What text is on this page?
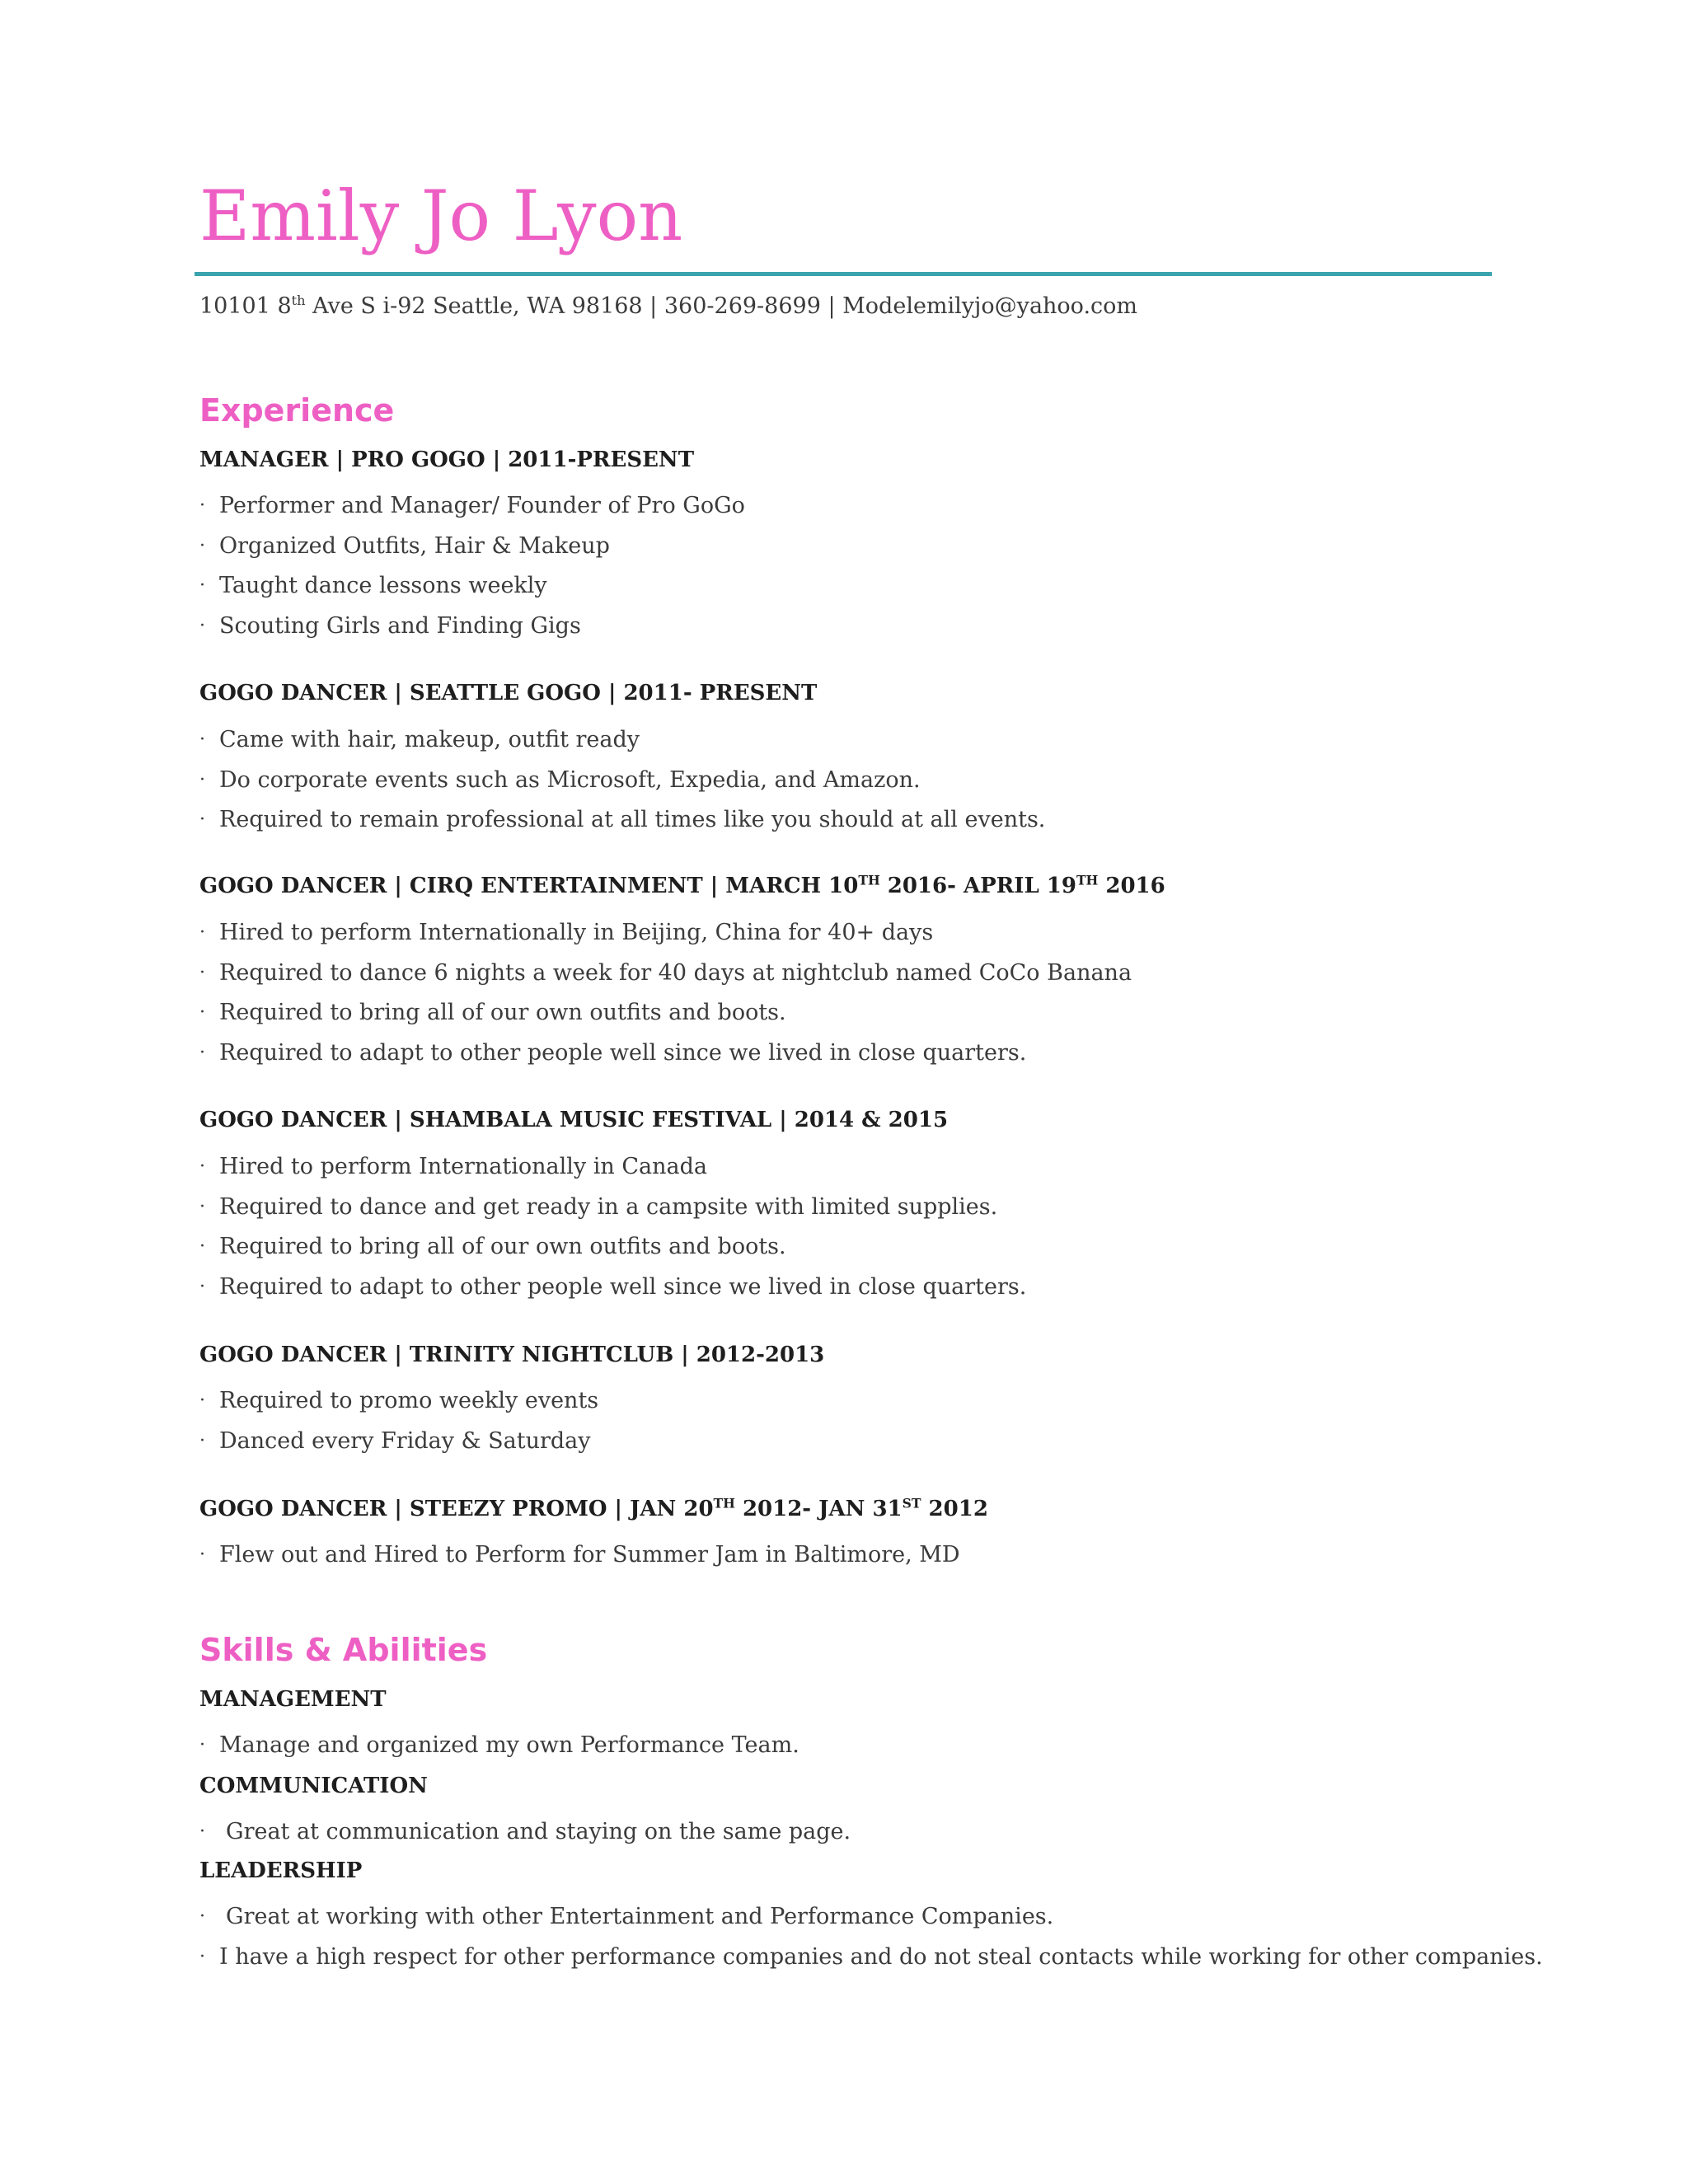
Emily Jo Lyon
10101 8th Ave S i-92 Seattle, WA 98168 | 360-269-8699 | Modelemilyjo@yahoo.com
Experience
MANAGER | PRO GOGO | 2011-PRESENT
· Performer and Manager/ Founder of Pro GoGo
· Organized Outfits, Hair & Makeup
· Taught dance lessons weekly
· Scouting Girls and Finding Gigs
GOGO DANCER | SEATTLE GOGO | 2011- PRESENT
· Came with hair, makeup, outfit ready
· Do corporate events such as Microsoft, Expedia, and Amazon.
· Required to remain professional at all times like you should at all events.
GOGO DANCER | CIRQ ENTERTAINMENT | MARCH 10TH 2016- APRIL 19TH 2016
· Hired to perform Internationally in Beijing, China for 40+ days
· Required to dance 6 nights a week for 40 days at nightclub named CoCo Banana
· Required to bring all of our own outfits and boots.
· Required to adapt to other people well since we lived in close quarters.
GOGO DANCER | SHAMBALA MUSIC FESTIVAL | 2014 & 2015
· Hired to perform Internationally in Canada
· Required to dance and get ready in a campsite with limited supplies.
· Required to bring all of our own outfits and boots.
· Required to adapt to other people well since we lived in close quarters.
GOGO DANCER | TRINITY NIGHTCLUB | 2012-2013
· Required to promo weekly events
· Danced every Friday & Saturday
GOGO DANCER | STEEZY PROMO | JAN 20TH 2012- JAN 31ST 2012
· Flew out and Hired to Perform for Summer Jam in Baltimore, MD
Skills & Abilities
MANAGEMENT
· Manage and organized my own Performance Team.
COMMUNICATION
· Great at communication and staying on the same page.
LEADERSHIP
· Great at working with other Entertainment and Performance Companies.
· I have a high respect for other performance companies and do not steal contacts while working for other companies.
